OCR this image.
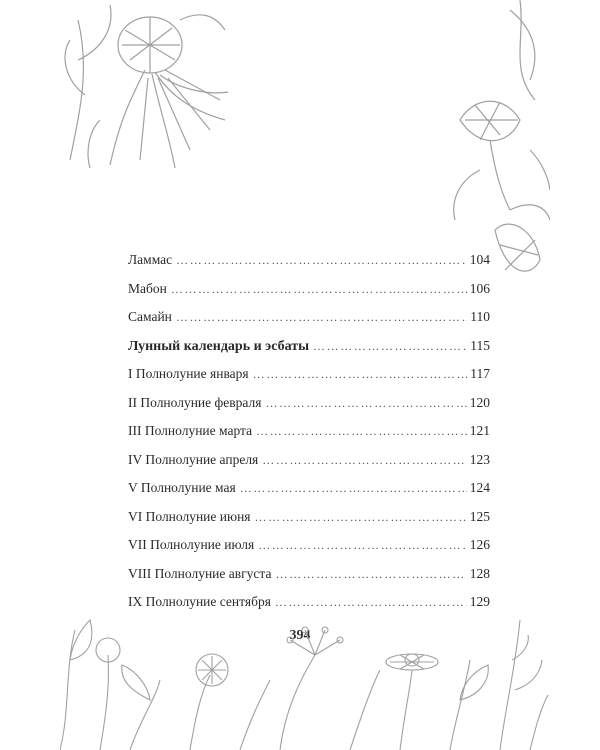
Ламмас ………………………………………………………………………………………………………………………………	104
Мабон ………………………………………………………………………………………………………………………………	106
Самайн ………………………………………………………………………………………………………………………………	110
Лунный календарь и эсбаты ………………………………………………………………………………………………………………………………	115
I Полнолуние января ………………………………………………………………………………………………………………………………	117
II Полнолуние февраля ………………………………………………………………………………………………………………………………	120
III Полнолуние марта ………………………………………………………………………………………………………………………………	121
IV Полнолуние апреля ………………………………………………………………………………………………………………………………	123
V Полнолуние мая ………………………………………………………………………………………………………………………………	124
VI Полнолуние июня ………………………………………………………………………………………………………………………………	125
VII Полнолуние июля ………………………………………………………………………………………………………………………………	126
VIII Полнолуние августа ………………………………………………………………………………………………………………………………	128
IX Полнолуние сентября ………………………………………………………………………………………………………………………………	129
394
